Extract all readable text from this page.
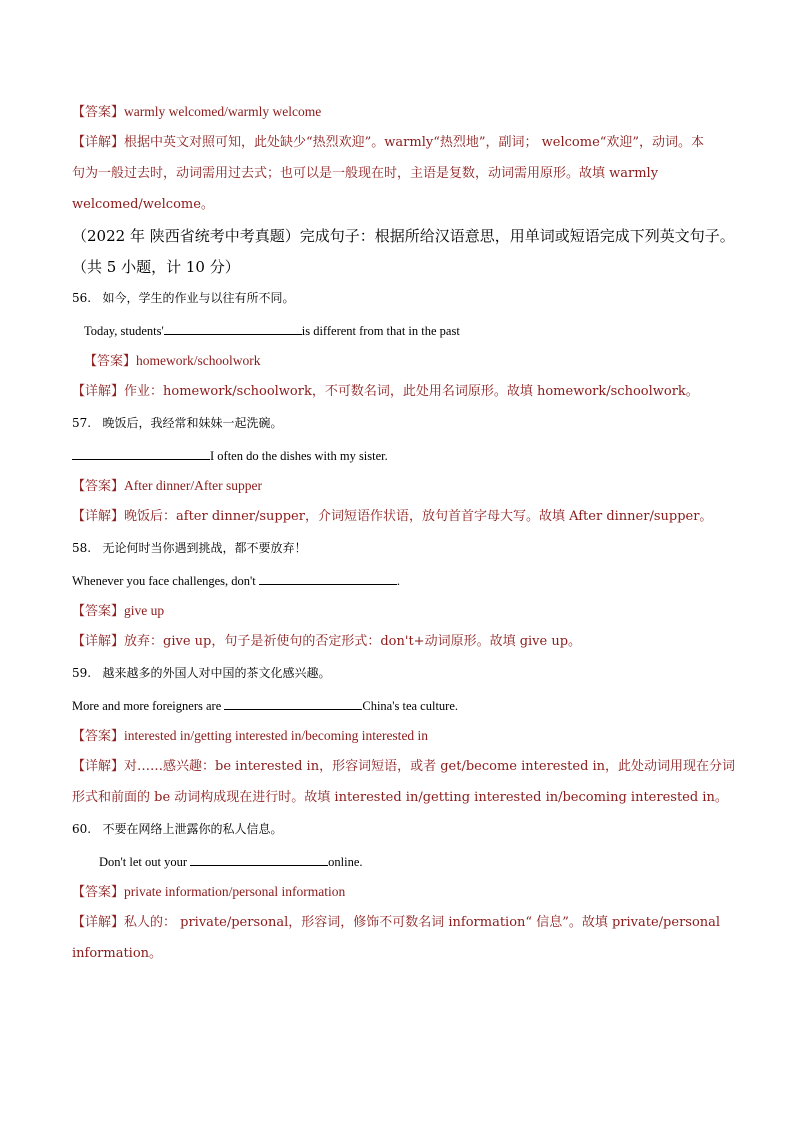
【答案】warmly welcomed/warmly welcome
【详解】根据中英文对照可知，此处缺少“热烈欢迎”。warmly“热烈地”，副词； welcome“欢迎”，动词。本
句为一般过去时，动词需用过去式；也可以是一般现在时，主语是复数，动词需用原形。故填 warmly
welcomed/welcome。
（2022 年 陕西省统考中考真题）完成句子：根据所给汉语意思，用单词或短语完成下列英文句子。
（共 5 小题，计 10 分）
56. 如今，学生的作业与以往有所不同。
Today, students'	is different from that in the past
【答案】homework/schoolwork
【详解】作业：homework/schoolwork，不可数名词，此处用名词原形。故填 homework/schoolwork。
57. 晚饭后，我经常和妹妹一起洗碗。
I often do the dishes with my sister.
【答案】After dinner/After supper
【详解】晚饭后：after dinner/supper，介词短语作状语，放句首首字母大写。故填 After dinner/supper。
58. 无论何时当你遇到挑战，都不要放弃！
Whenever you face challenges, don't	.
【答案】give up
【详解】放弃：give up，句子是祈使句的否定形式：don't+动词原形。故填 give up。
59. 越来越多的外国人对中国的茶文化感兴趣。
More and more foreigners are	China's tea culture.
【答案】interested in/getting interested in/becoming interested in
【详解】对……感兴趣：be interested in，形容词短语，或者 get/become interested in，此处动词用现在分词
形式和前面的 be 动词构成现在进行时。故填 interested in/getting interested in/becoming interested in。
60. 不要在网络上泄露你的私人信息。
Don't let out your	online.
【答案】private information/personal information
【详解】私人的： private/personal，形容词，修饰不可数名词 information“ 信息”。故填 private/personal
information。
